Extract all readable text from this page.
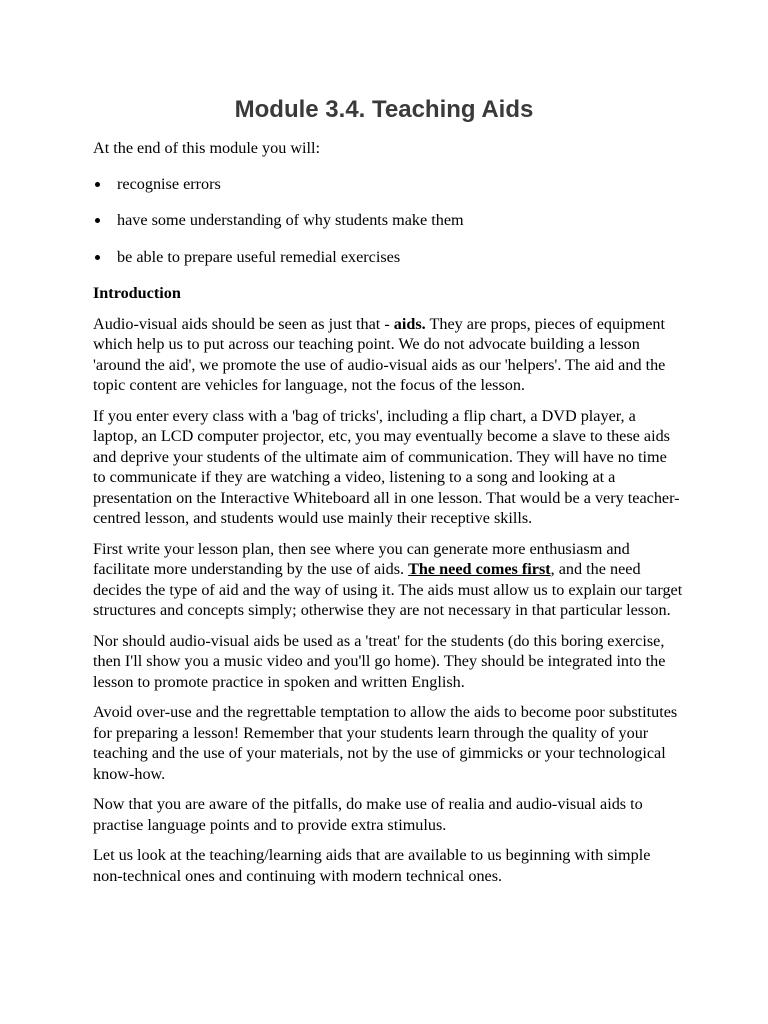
Module 3.4. Teaching Aids

At the end of this module you will:

recognise errors
have some understanding of why students make them
be able to prepare useful remedial exercises
Introduction

Audio-visual aids should be seen as just that - aids. They are props, pieces of equipment which help us to put across our teaching point. We do not advocate building a lesson 'around the aid', we promote the use of audio-visual aids as our 'helpers'. The aid and the topic content are vehicles for language, not the focus of the lesson.

If you enter every class with a 'bag of tricks', including a flip chart, a DVD player, a laptop, an LCD computer projector, etc, you may eventually become a slave to these aids and deprive your students of the ultimate aim of communication. They will have no time to communicate if they are watching a video, listening to a song and looking at a presentation on the Interactive Whiteboard all in one lesson. That would be a very teacher-centred lesson, and students would use mainly their receptive skills.

First write your lesson plan, then see where you can generate more enthusiasm and facilitate more understanding by the use of aids. The need comes first, and the need decides the type of aid and the way of using it. The aids must allow us to explain our target structures and concepts simply; otherwise they are not necessary in that particular lesson.

Nor should audio-visual aids be used as a 'treat' for the students (do this boring exercise, then I'll show you a music video and you'll go home). They should be integrated into the lesson to promote practice in spoken and written English.

Avoid over-use and the regrettable temptation to allow the aids to become poor substitutes for preparing a lesson! Remember that your students learn through the quality of your teaching and the use of your materials, not by the use of gimmicks or your technological know-how.

Now that you are aware of the pitfalls, do make use of realia and audio-visual aids to practise language points and to provide extra stimulus.

Let us look at the teaching/learning aids that are available to us beginning with simple non-technical ones and continuing with modern technical ones.
